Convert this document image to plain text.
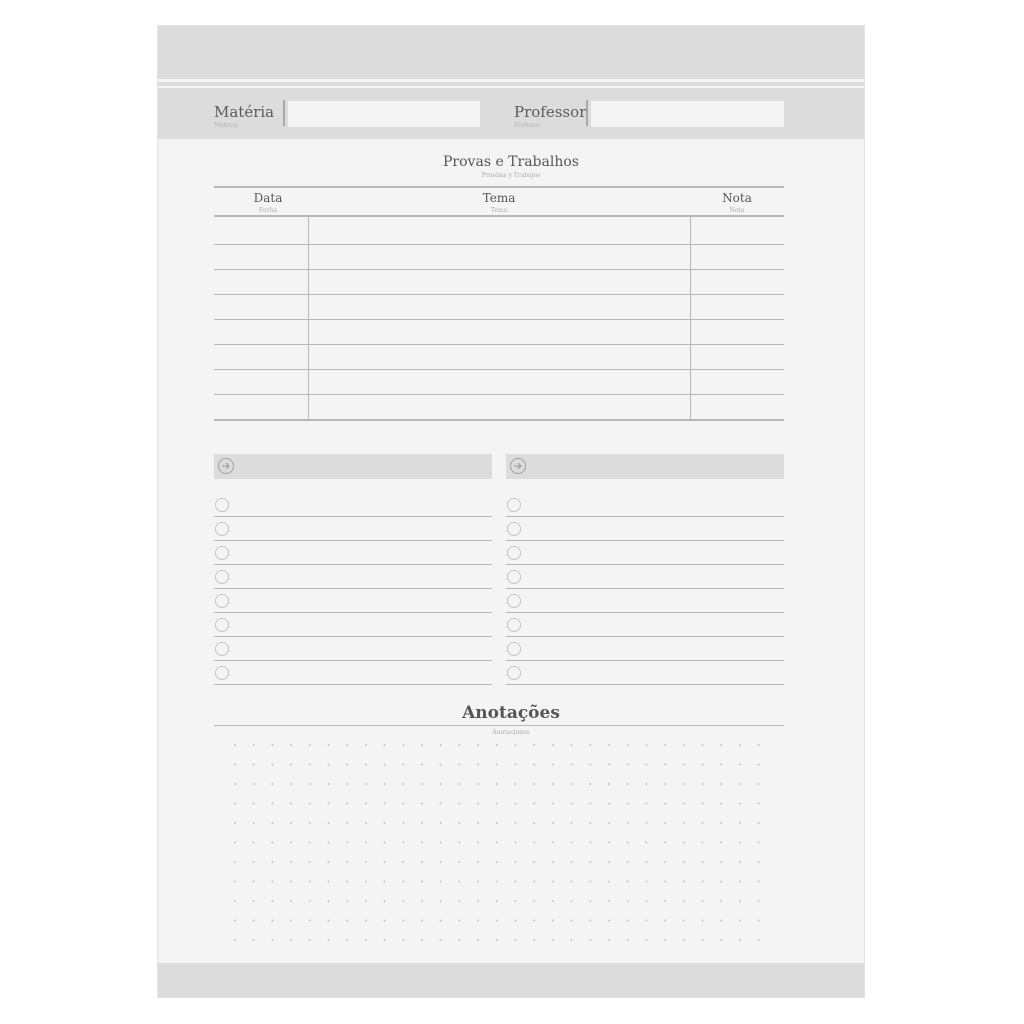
Matéria
Materia
Professor
Profesor
Provas e Trabalhos
Pruebas y Trabajos
Data
Fecha
Tema
Tema
Nota
Nota
Anotações
Anotaciones
